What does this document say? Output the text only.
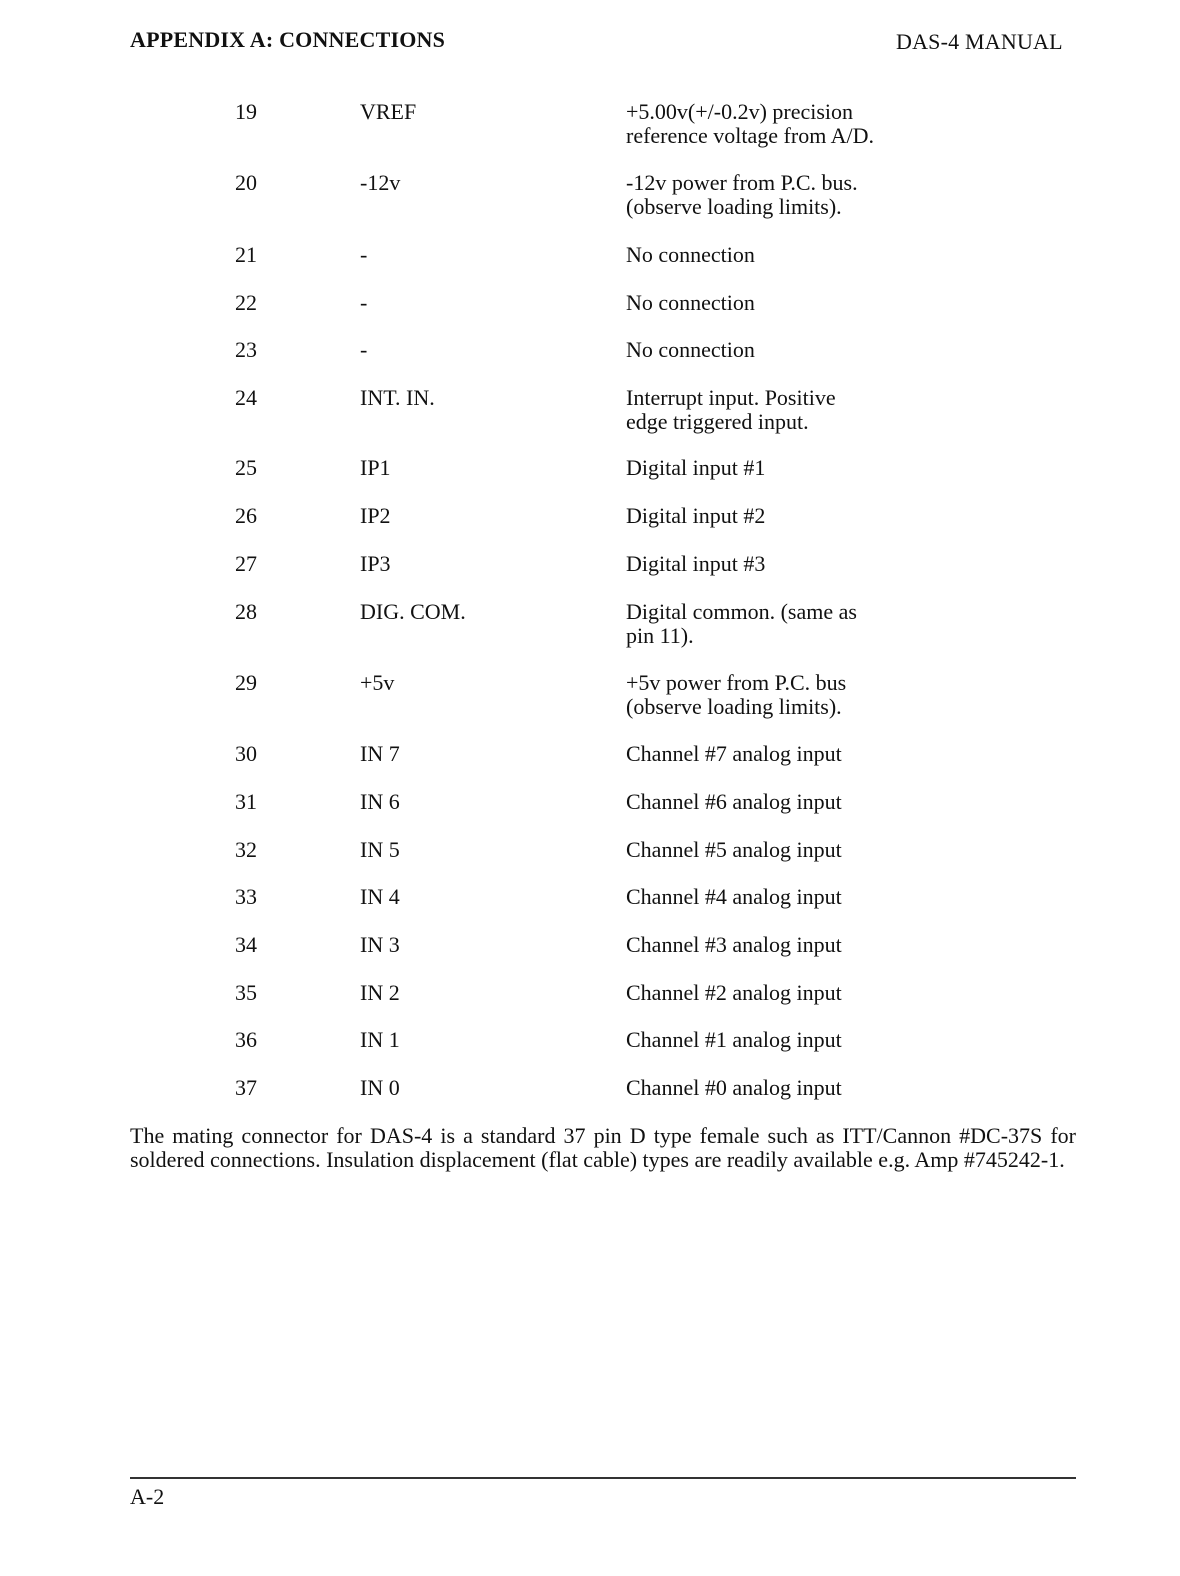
APPENDIX A: CONNECTIONS	DAS-4 MANUAL
19	VREF	+5.00v(+/-0.2v) precision
reference voltage from A/D.
20	-12v	-12v power from P.C. bus.
(observe loading limits).
21	-	No connection
22	-	No connection
23	-	No connection
24	INT. IN.	Interrupt input. Positive
edge triggered input.
25	IP1	Digital input #1
26	IP2	Digital input #2
27	IP3	Digital input #3
28	DIG. COM.	Digital common. (same as
pin 11).
29	+5v	+5v power from P.C. bus
(observe loading limits).
30	IN 7	Channel #7 analog input
31	IN 6	Channel #6 analog input
32	IN 5	Channel #5 analog input
33	IN 4	Channel #4 analog input
34	IN 3	Channel #3 analog input
35	IN 2	Channel #2 analog input
36	IN 1	Channel #1 analog input
37	IN 0	Channel #0 analog input
The mating connector for DAS-4 is a standard 37 pin D type female such as ITT/Cannon #DC-37S for soldered connections. Insulation displacement (flat cable) types are readily available e.g. Amp #745242-1.
A-2
